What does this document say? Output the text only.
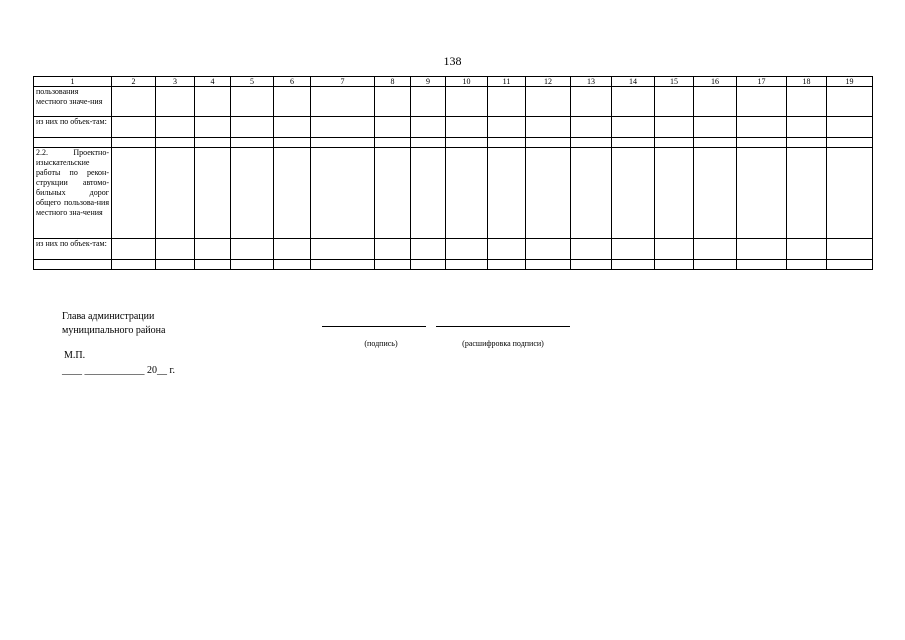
138
1	2	3	4	5	6	7	8	9	10	11	12	13	14	15	16	17	18	19
пользования местного значе-ния																		
из них по объек-там:																		

2.2. Проектно-изыскательские работы по рекон-струкции автомо-бильных дорог общего пользова-ния местного зна-чения																		
из них по объек-там:																		

Глава администрации
муниципального района
(подпись)	(расшифровка подписи)
М.П.
____ ____________ 20__ г.
